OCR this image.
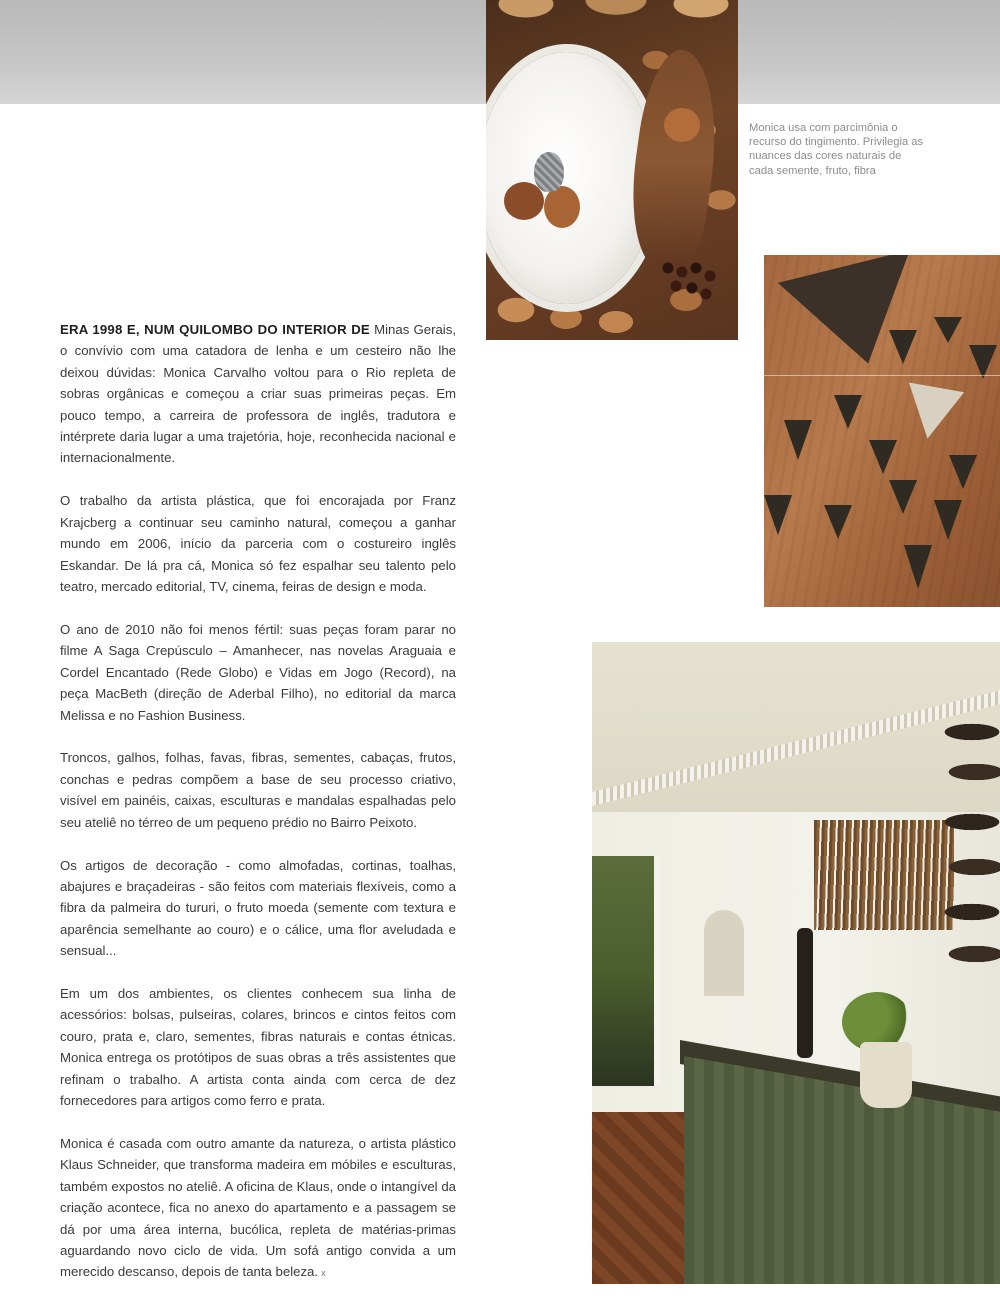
Monica usa com parcimônia o recurso do tingimento. Privilegia as nuances das cores naturais de cada semente, fruto, fibra

ERA 1998 E, NUM QUILOMBO DO INTERIOR DE Minas Gerais, o convívio com uma catadora de lenha e um cesteiro não lhe deixou dúvidas: Monica Carvalho voltou para o Rio repleta de sobras orgânicas e começou a criar suas primeiras peças. Em pouco tempo, a carreira de professora de inglês, tradutora e intérprete daria lugar a uma trajetória, hoje, reconhecida nacional e internacionalmente.

O trabalho da artista plástica, que foi encorajada por Franz Krajcberg a continuar seu caminho natural, começou a ganhar mundo em 2006, início da parceria com o costureiro inglês Eskandar. De lá pra cá, Monica só fez espalhar seu talento pelo teatro, mercado editorial, TV, cinema, feiras de design e moda.

O ano de 2010 não foi menos fértil: suas peças foram parar no filme A Saga Crepúsculo – Amanhecer, nas novelas Araguaia e Cordel Encantado (Rede Globo) e Vidas em Jogo (Record), na peça MacBeth (direção de Aderbal Filho), no editorial da marca Melissa e no Fashion Business.

Troncos, galhos, folhas, favas, fibras, sementes, cabaças, frutos, conchas e pedras compõem a base de seu processo criativo, visível em painéis, caixas, esculturas e mandalas espalhadas pelo seu ateliê no térreo de um pequeno prédio no Bairro Peixoto.

Os artigos de decoração - como almofadas, cortinas, toalhas, abajures e braçadeiras - são feitos com materiais flexíveis, como a fibra da palmeira do tururi, o fruto moeda (semente com textura e aparência semelhante ao couro) e o cálice, uma flor aveludada e sensual...

Em um dos ambientes, os clientes conhecem sua linha de acessórios: bolsas, pulseiras, colares, brincos e cintos feitos com couro, prata e, claro, sementes, fibras naturais e contas étnicas. Monica entrega os protótipos de suas obras a três assistentes que refinam o trabalho. A artista conta ainda com cerca de dez fornecedores para artigos como ferro e prata.

Monica é casada com outro amante da natureza, o artista plástico Klaus Schneider, que transforma madeira em móbiles e esculturas, também expostos no ateliê. A oficina de Klaus, onde o intangível da criação acontece, fica no anexo do apartamento e a passagem se dá por uma área interna, bucólica, repleta de matérias-primas aguardando novo ciclo de vida. Um sofá antigo convida a um merecido descanso, depois de tanta beleza. x
